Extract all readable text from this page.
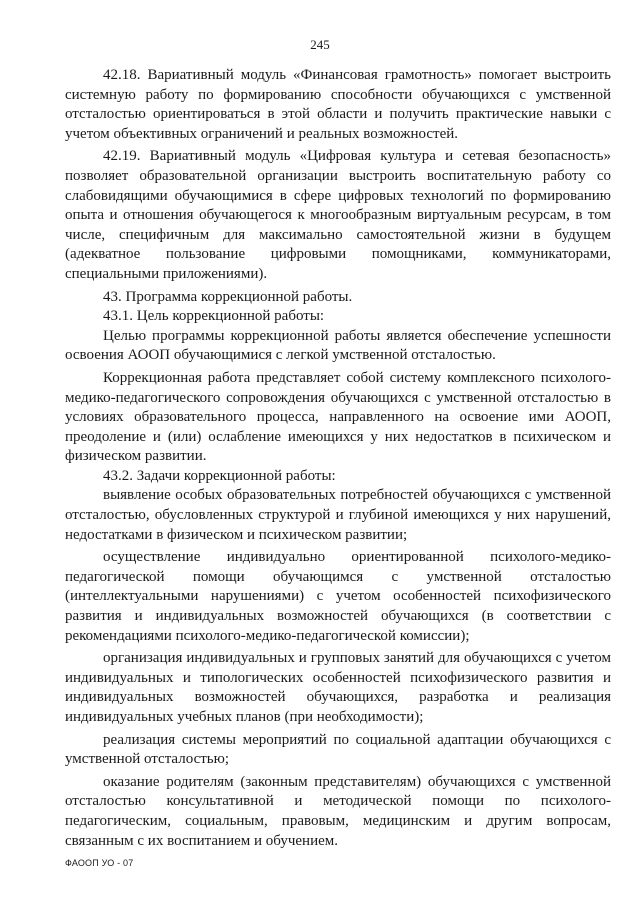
245

42.18. Вариативный модуль «Финансовая грамотность» помогает выстроить системную работу по формированию способности обучающихся с умственной отсталостью ориентироваться в этой области и получить практические навыки с учетом объективных ограничений и реальных возможностей.

42.19. Вариативный модуль «Цифровая культура и сетевая безопасность» позволяет образовательной организации выстроить воспитательную работу со слабовидящими обучающимися в сфере цифровых технологий по формированию опыта и отношения обучающегося к многообразным виртуальным ресурсам, в том числе, специфичным для максимально самостоятельной жизни в будущем (адекватное пользование цифровыми помощниками, коммуникаторами, специальными приложениями).

43. Программа коррекционной работы.

43.1. Цель коррекционной работы:

Целью программы коррекционной работы является обеспечение успешности освоения АООП обучающимися с легкой умственной отсталостью.

Коррекционная работа представляет собой систему комплексного психолого-медико-педагогического сопровождения обучающихся с умственной отсталостью в условиях образовательного процесса, направленного на освоение ими АООП, преодоление и (или) ослабление имеющихся у них недостатков в психическом и физическом развитии.

43.2. Задачи коррекционной работы:

выявление особых образовательных потребностей обучающихся с умственной отсталостью, обусловленных структурой и глубиной имеющихся у них нарушений, недостатками в физическом и психическом развитии;

осуществление индивидуально ориентированной психолого-медико-педагогической помощи обучающимся с умственной отсталостью (интеллектуальными нарушениями) с учетом особенностей психофизического развития и индивидуальных возможностей обучающихся (в соответствии с рекомендациями психолого-медико-педагогической комиссии);

организация индивидуальных и групповых занятий для обучающихся с учетом индивидуальных и типологических особенностей психофизического развития и индивидуальных возможностей обучающихся, разработка и реализация индивидуальных учебных планов (при необходимости);

реализация системы мероприятий по социальной адаптации обучающихся с умственной отсталостью;

оказание родителям (законным представителям) обучающихся с умственной отсталостью консультативной и методической помощи по психолого-педагогическим, социальным, правовым, медицинским и другим вопросам, связанным с их воспитанием и обучением.

ФАООП УО - 07
